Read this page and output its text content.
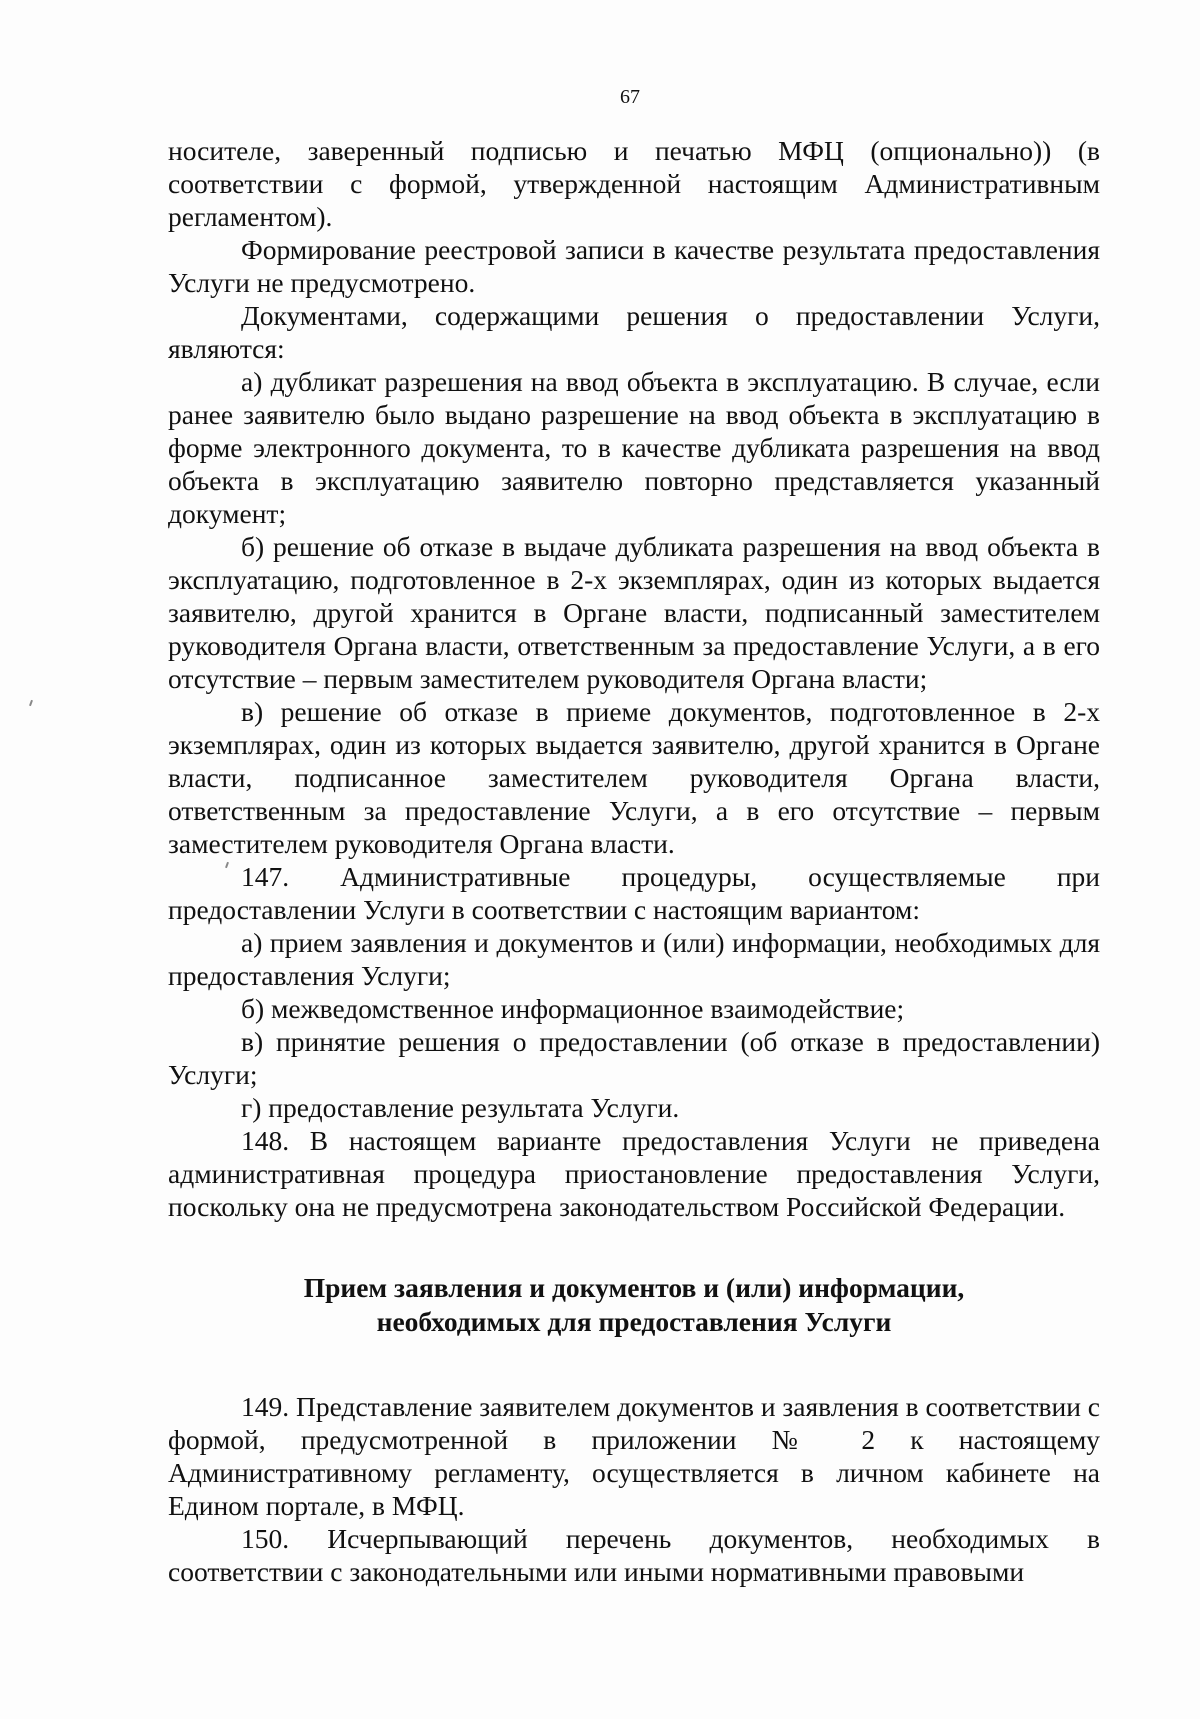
67

носителе, заверенный подписью и печатью МФЦ (опционально)) (в соответствии с формой, утвержденной настоящим Административным регламентом).

Формирование реестровой записи в качестве результата предоставления Услуги не предусмотрено.

Документами, содержащими решения о предоставлении Услуги, являются:

а) дубликат разрешения на ввод объекта в эксплуатацию. В случае, если ранее заявителю было выдано разрешение на ввод объекта в эксплуатацию в форме электронного документа, то в качестве дубликата разрешения на ввод объекта в эксплуатацию заявителю повторно представляется указанный документ;

б) решение об отказе в выдаче дубликата разрешения на ввод объекта в эксплуатацию, подготовленное в 2-х экземплярах, один из которых выдается заявителю, другой хранится в Органе власти, подписанный заместителем руководителя Органа власти, ответственным за предоставление Услуги, а в его отсутствие – первым заместителем руководителя Органа власти;

в) решение об отказе в приеме документов, подготовленное в 2-х экземплярах, один из которых выдается заявителю, другой хранится в Органе власти, подписанное заместителем руководителя Органа власти, ответственным за предоставление Услуги, а в его отсутствие – первым заместителем руководителя Органа власти.

147. Административные процедуры, осуществляемые при предоставлении Услуги в соответствии с настоящим вариантом:

а) прием заявления и документов и (или) информации, необходимых для предоставления Услуги;

б) межведомственное информационное взаимодействие;

в) принятие решения о предоставлении (об отказе в предоставлении) Услуги;

г) предоставление результата Услуги.

148. В настоящем варианте предоставления Услуги не приведена административная процедура приостановление предоставления Услуги, поскольку она не предусмотрена законодательством Российской Федерации.

Прием заявления и документов и (или) информации,
необходимых для предоставления Услуги

149. Представление заявителем документов и заявления в соответствии с формой, предусмотренной в приложении № 2 к настоящему Административному регламенту, осуществляется в личном кабинете на Едином портале, в МФЦ.

150. Исчерпывающий перечень документов, необходимых в соответствии с законодательными или иными нормативными правовыми
